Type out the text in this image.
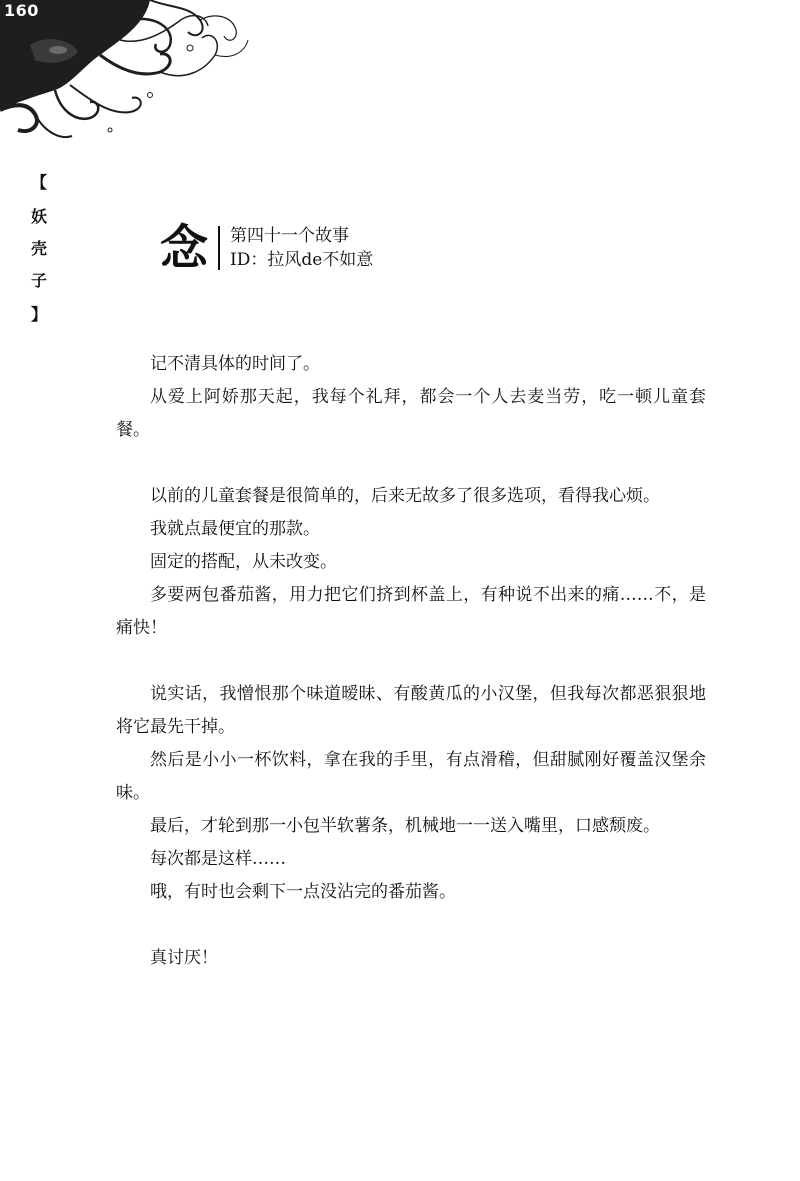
160
【
妖
壳
子
】
念 第四十一个故事
ID：拉风de不如意

记不清具体的时间了。

从爱上阿娇那天起，我每个礼拜，都会一个人去麦当劳，吃一顿儿童套餐。

以前的儿童套餐是很简单的，后来无故多了很多选项，看得我心烦。

我就点最便宜的那款。

固定的搭配，从未改变。

多要两包番茄酱，用力把它们挤到杯盖上，有种说不出来的痛……不，是痛快！

说实话，我憎恨那个味道暧昧、有酸黄瓜的小汉堡，但我每次都恶狠狠地将它最先干掉。

然后是小小一杯饮料，拿在我的手里，有点滑稽，但甜腻刚好覆盖汉堡余味。

最后，才轮到那一小包半软薯条，机械地一一送入嘴里，口感颓废。

每次都是这样……

哦，有时也会剩下一点没沾完的番茄酱。

真讨厌！
